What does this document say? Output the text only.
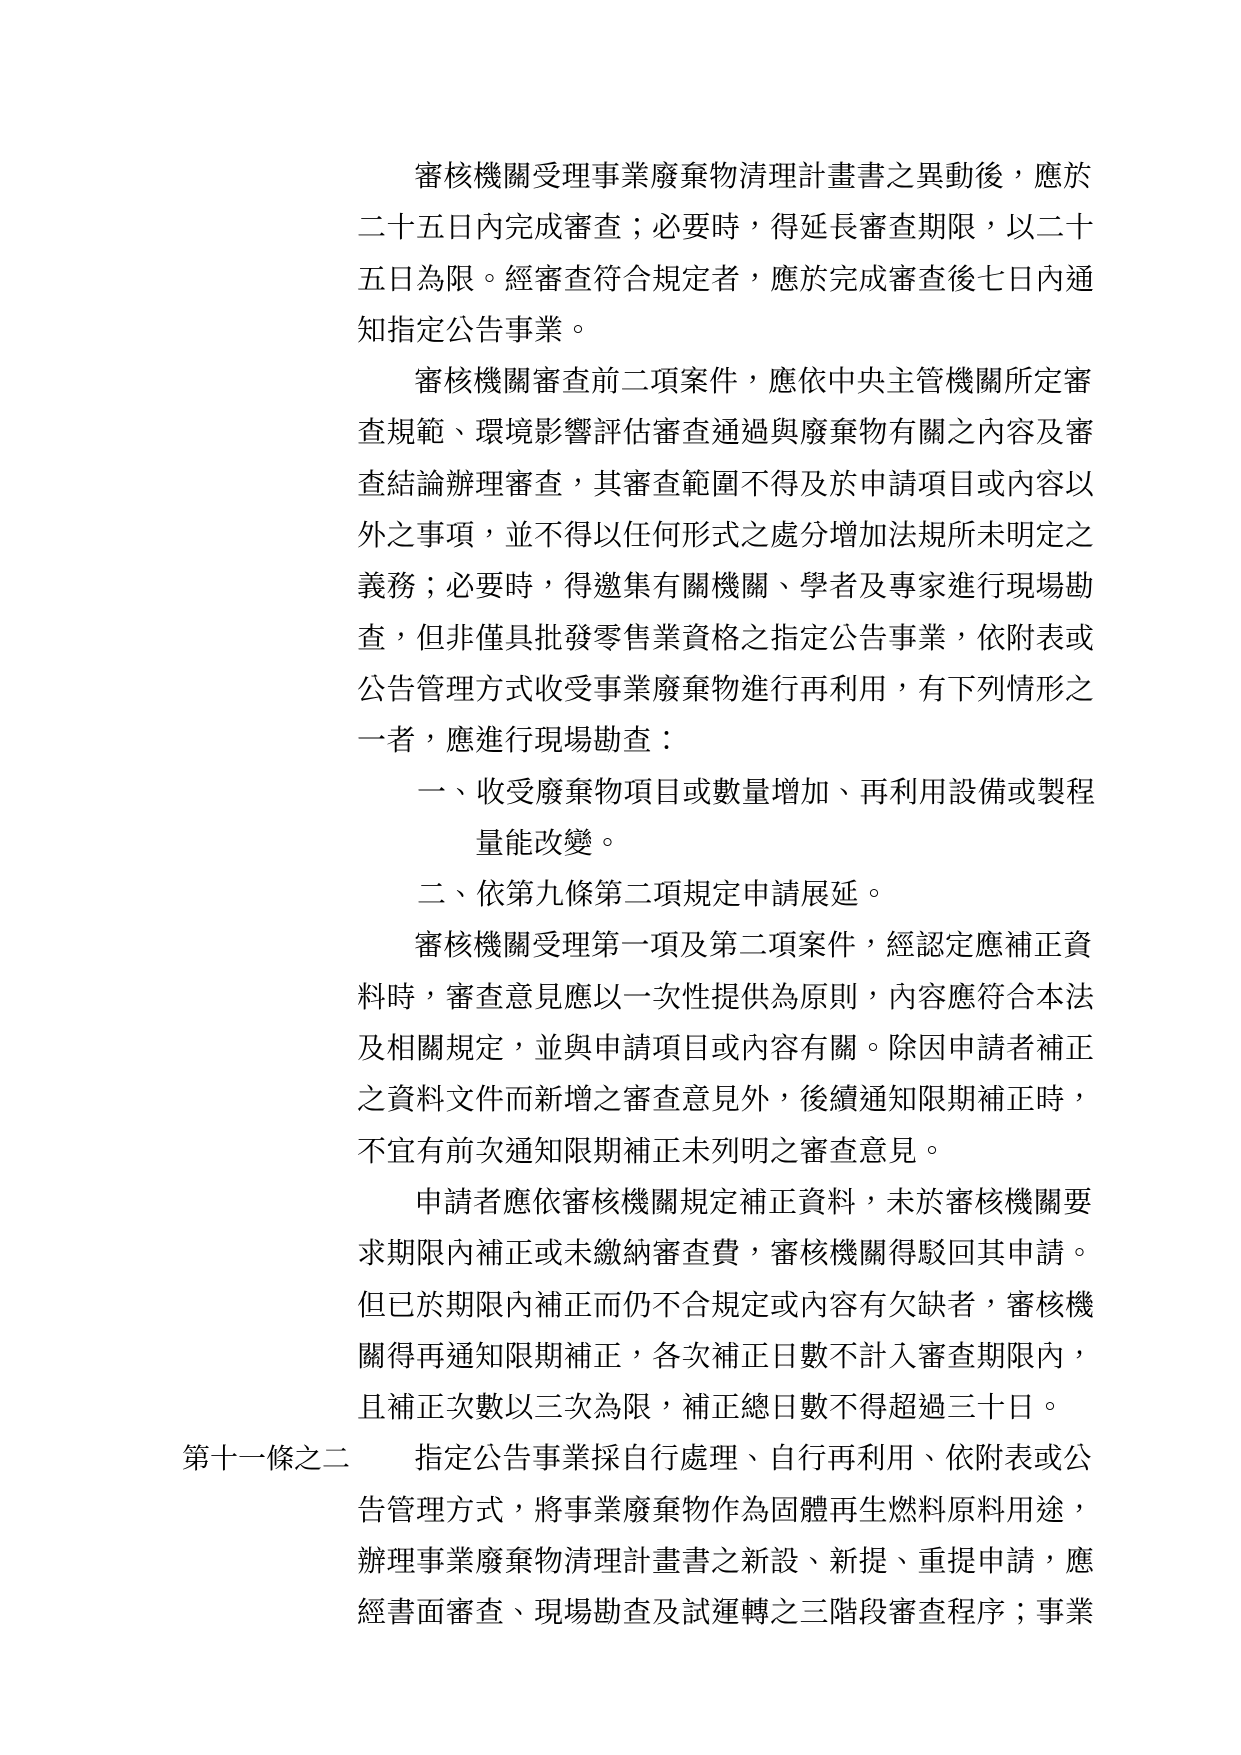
審核機關受理事業廢棄物清理計畫書之異動後，應於
二十五日內完成審查；必要時，得延長審查期限，以二十
五日為限。經審查符合規定者，應於完成審查後七日內通
知指定公告事業。
審核機關審查前二項案件，應依中央主管機關所定審
查規範、環境影響評估審查通過與廢棄物有關之內容及審
查結論辦理審查，其審查範圍不得及於申請項目或內容以
外之事項，並不得以任何形式之處分增加法規所未明定之
義務；必要時，得邀集有關機關、學者及專家進行現場勘
查，但非僅具批發零售業資格之指定公告事業，依附表或
公告管理方式收受事業廢棄物進行再利用，有下列情形之
一者，應進行現場勘查：
一、收受廢棄物項目或數量增加、再利用設備或製程
量能改變。
二、依第九條第二項規定申請展延。
審核機關受理第一項及第二項案件，經認定應補正資
料時，審查意見應以一次性提供為原則，內容應符合本法
及相關規定，並與申請項目或內容有關。除因申請者補正
之資料文件而新增之審查意見外，後續通知限期補正時，
不宜有前次通知限期補正未列明之審查意見。
申請者應依審核機關規定補正資料，未於審核機關要
求期限內補正或未繳納審查費，審核機關得駁回其申請。
但已於期限內補正而仍不合規定或內容有欠缺者，審核機
關得再通知限期補正，各次補正日數不計入審查期限內，
且補正次數以三次為限，補正總日數不得超過三十日。
第十一條之二 指定公告事業採自行處理、自行再利用、依附表或公
告管理方式，將事業廢棄物作為固體再生燃料原料用途，
辦理事業廢棄物清理計畫書之新設、新提、重提申請，應
經書面審查、現場勘查及試運轉之三階段審查程序；事業
